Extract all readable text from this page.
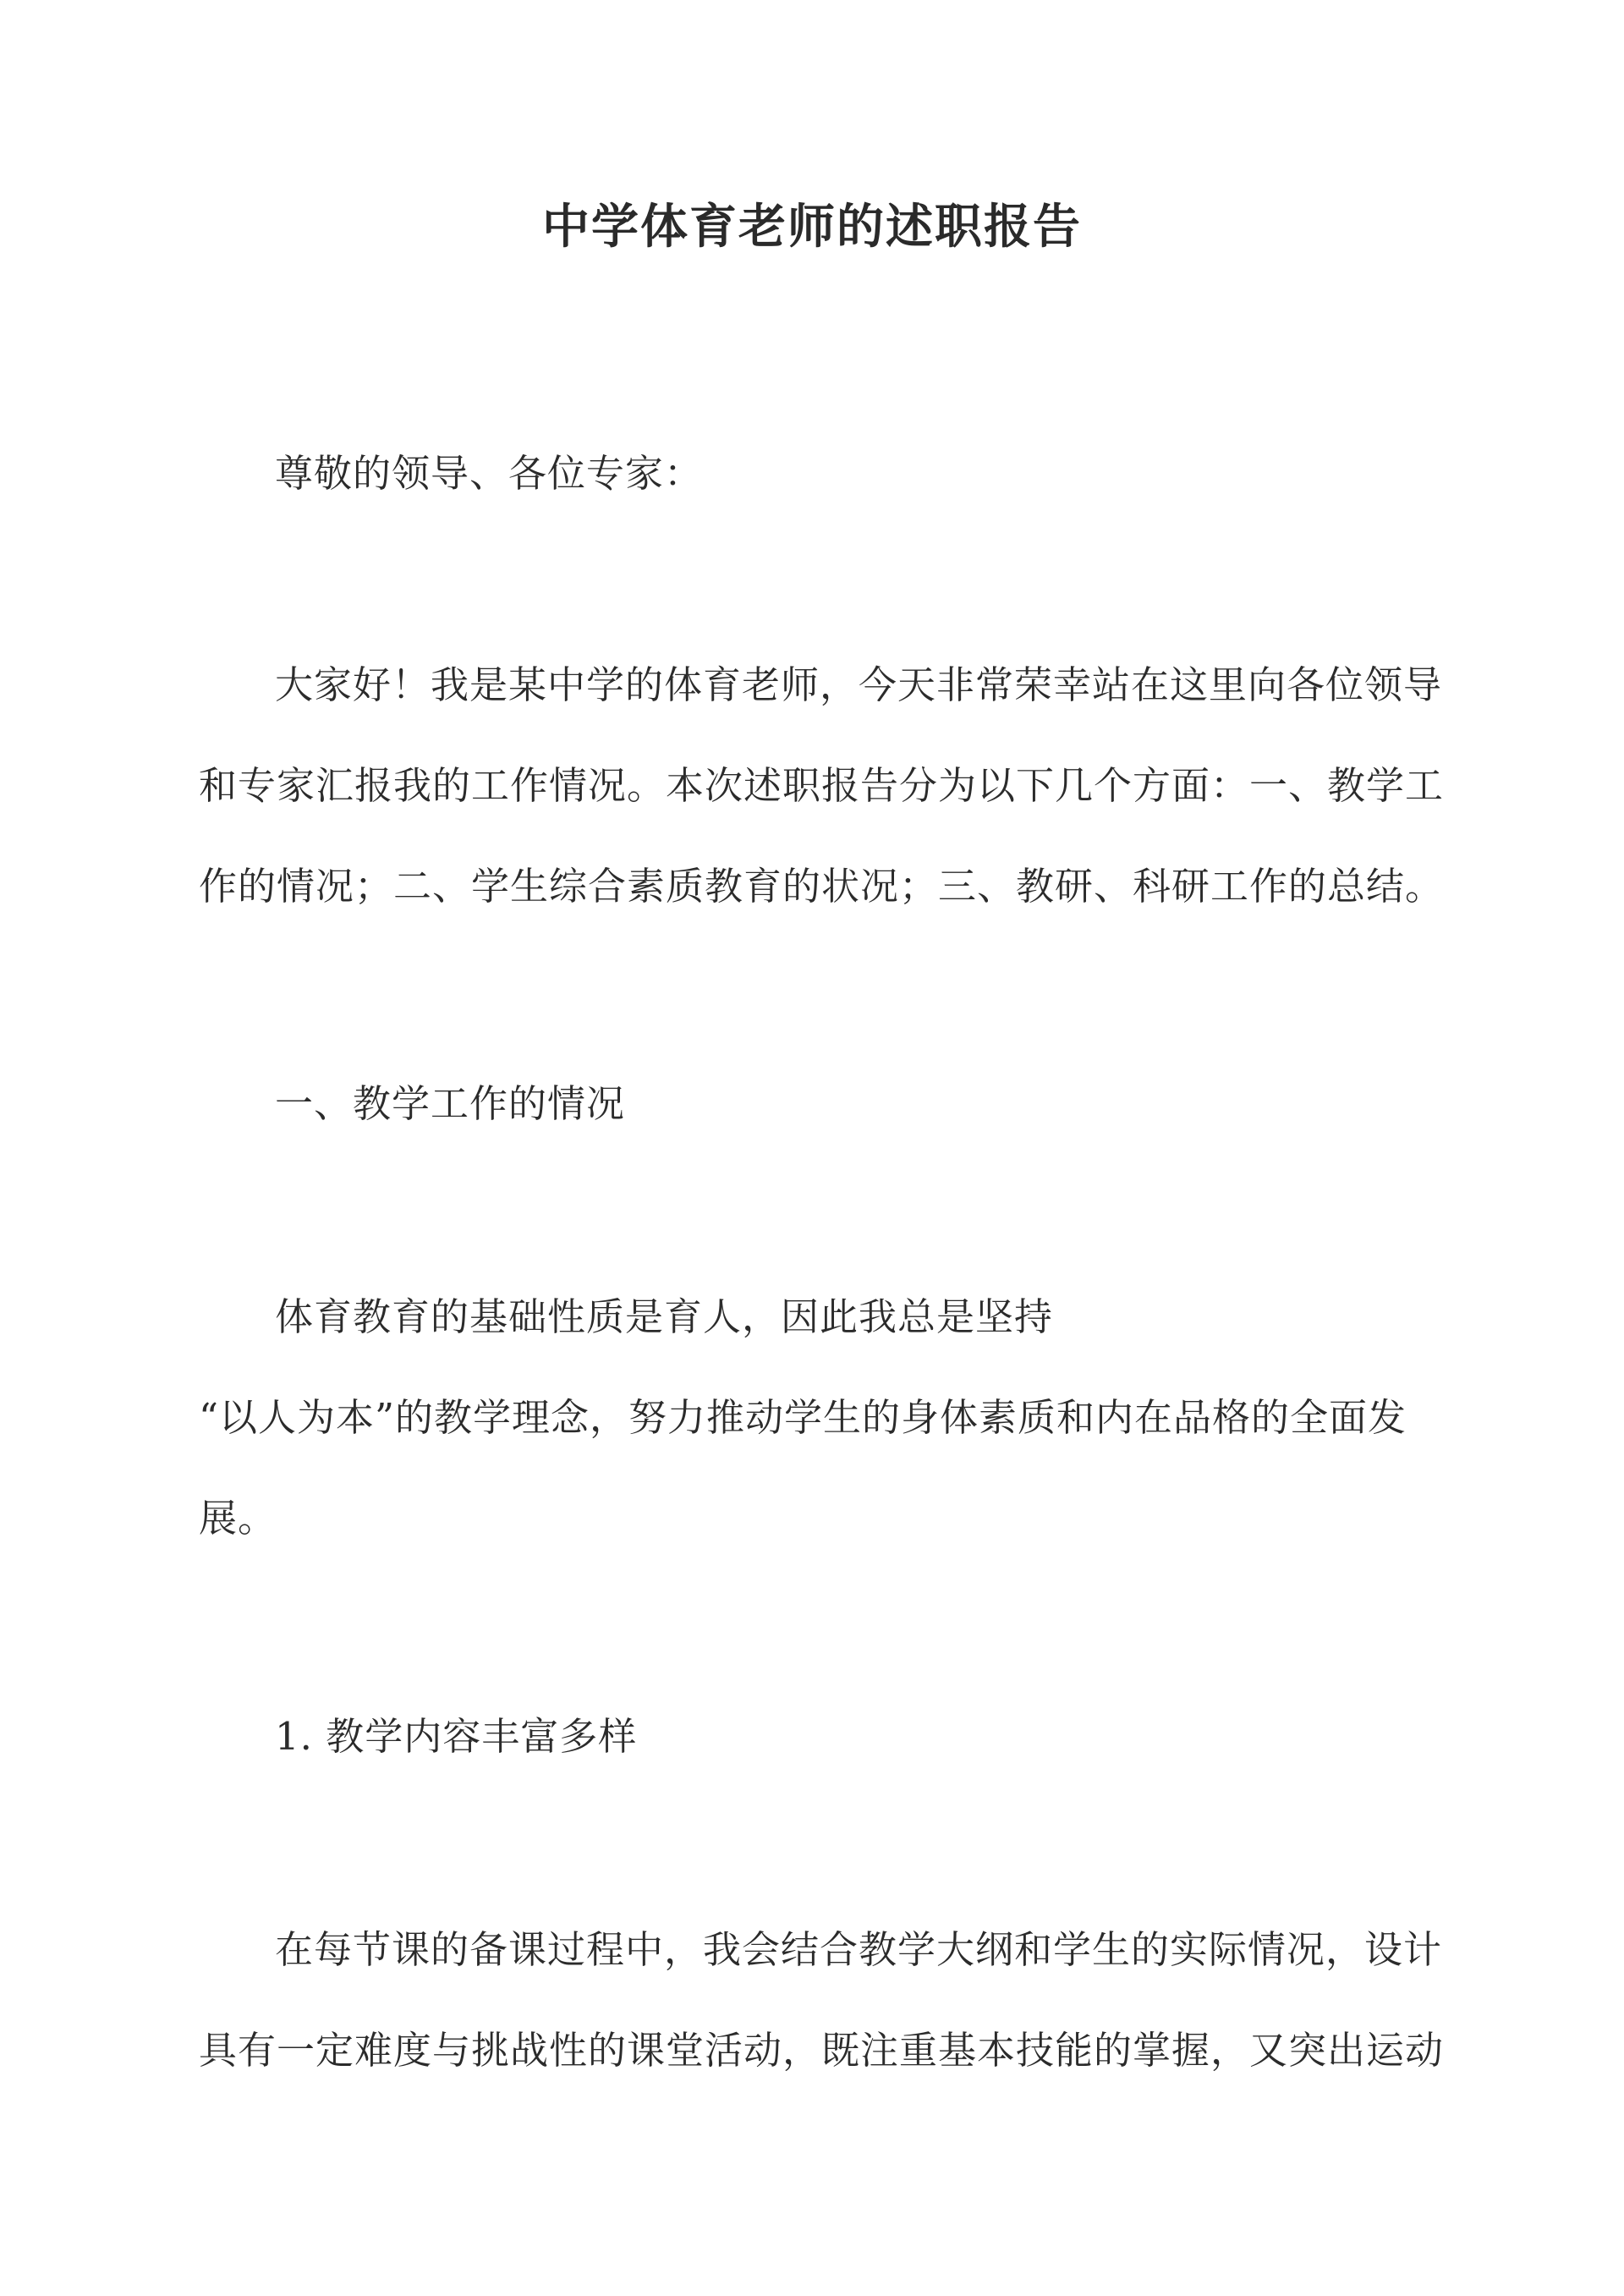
中学体育老师的述职报告

尊敬的领导、各位专家：

大家好！我是某中学的体育老师，今天非常荣幸站在这里向各位领导
和专家汇报我的工作情况。本次述职报告分为以下几个方面：一、教学工
作的情况；二、学生综合素质教育的状况；三、教研、科研工作的总结。

一、教学工作的情况

体育教育的基础性质是育人，因此我总是坚持
“以人为本”的教学理念，努力推动学生的身体素质和内在品格的全面发
展。

1. 教学内容丰富多样

在每节课的备课过程中，我会结合教学大纲和学生的实际情况，设计
具有一定难度与挑战性的课堂活动，既注重基本技能的掌握，又突出运动
